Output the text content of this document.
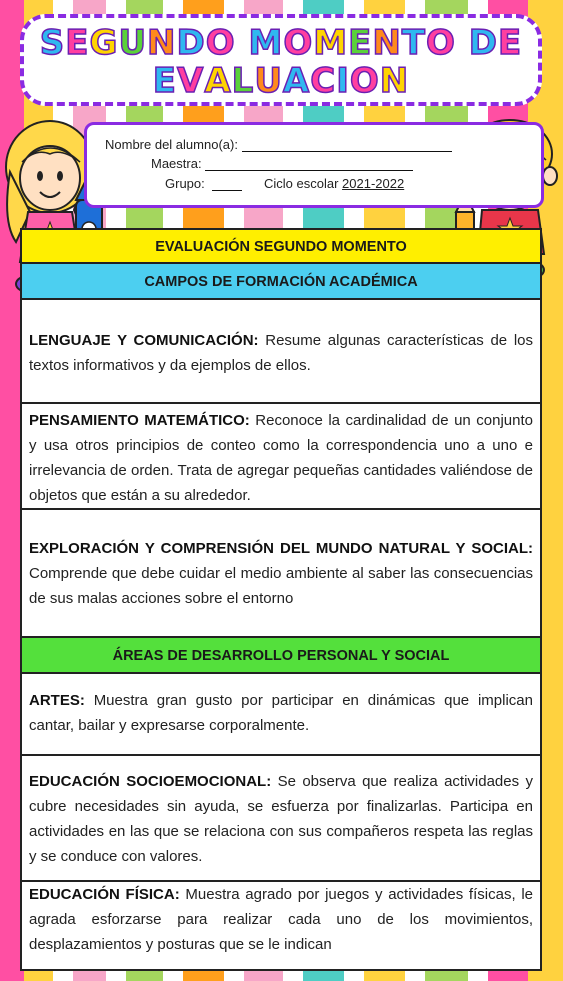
SEGUNDO MOMENTO DE
EVALUACION
Nombre del alumno(a):
Maestra:
Grupo:	Ciclo escolar 2021-2022
EVALUACIÓN SEGUNDO MOMENTO
CAMPOS DE FORMACIÓN ACADÉMICA
LENGUAJE Y COMUNICACIÓN: Resume algunas características de los textos informativos y da ejemplos de ellos.
PENSAMIENTO MATEMÁTICO: Reconoce la cardinalidad de un conjunto y usa otros principios de conteo como la correspondencia uno a uno e irrelevancia de orden. Trata de agregar pequeñas cantidades valiéndose de objetos que están a su alrededor.
EXPLORACIÓN Y COMPRENSIÓN DEL MUNDO NATURAL Y SOCIAL: Comprende que debe cuidar el medio ambiente al saber las consecuencias de sus malas acciones sobre el entorno
ÁREAS DE DESARROLLO PERSONAL Y SOCIAL
ARTES: Muestra gran gusto por participar en dinámicas que implican cantar, bailar y expresarse corporalmente.
EDUCACIÓN SOCIOEMOCIONAL: Se observa que realiza actividades y cubre necesidades sin ayuda, se esfuerza por finalizarlas. Participa en actividades en las que se relaciona con sus compañeros respeta las reglas y se conduce con valores.
EDUCACIÓN FÍSICA: Muestra agrado por juegos y actividades físicas, le agrada esforzarse para realizar cada uno de los movimientos, desplazamientos y posturas que se le indican
